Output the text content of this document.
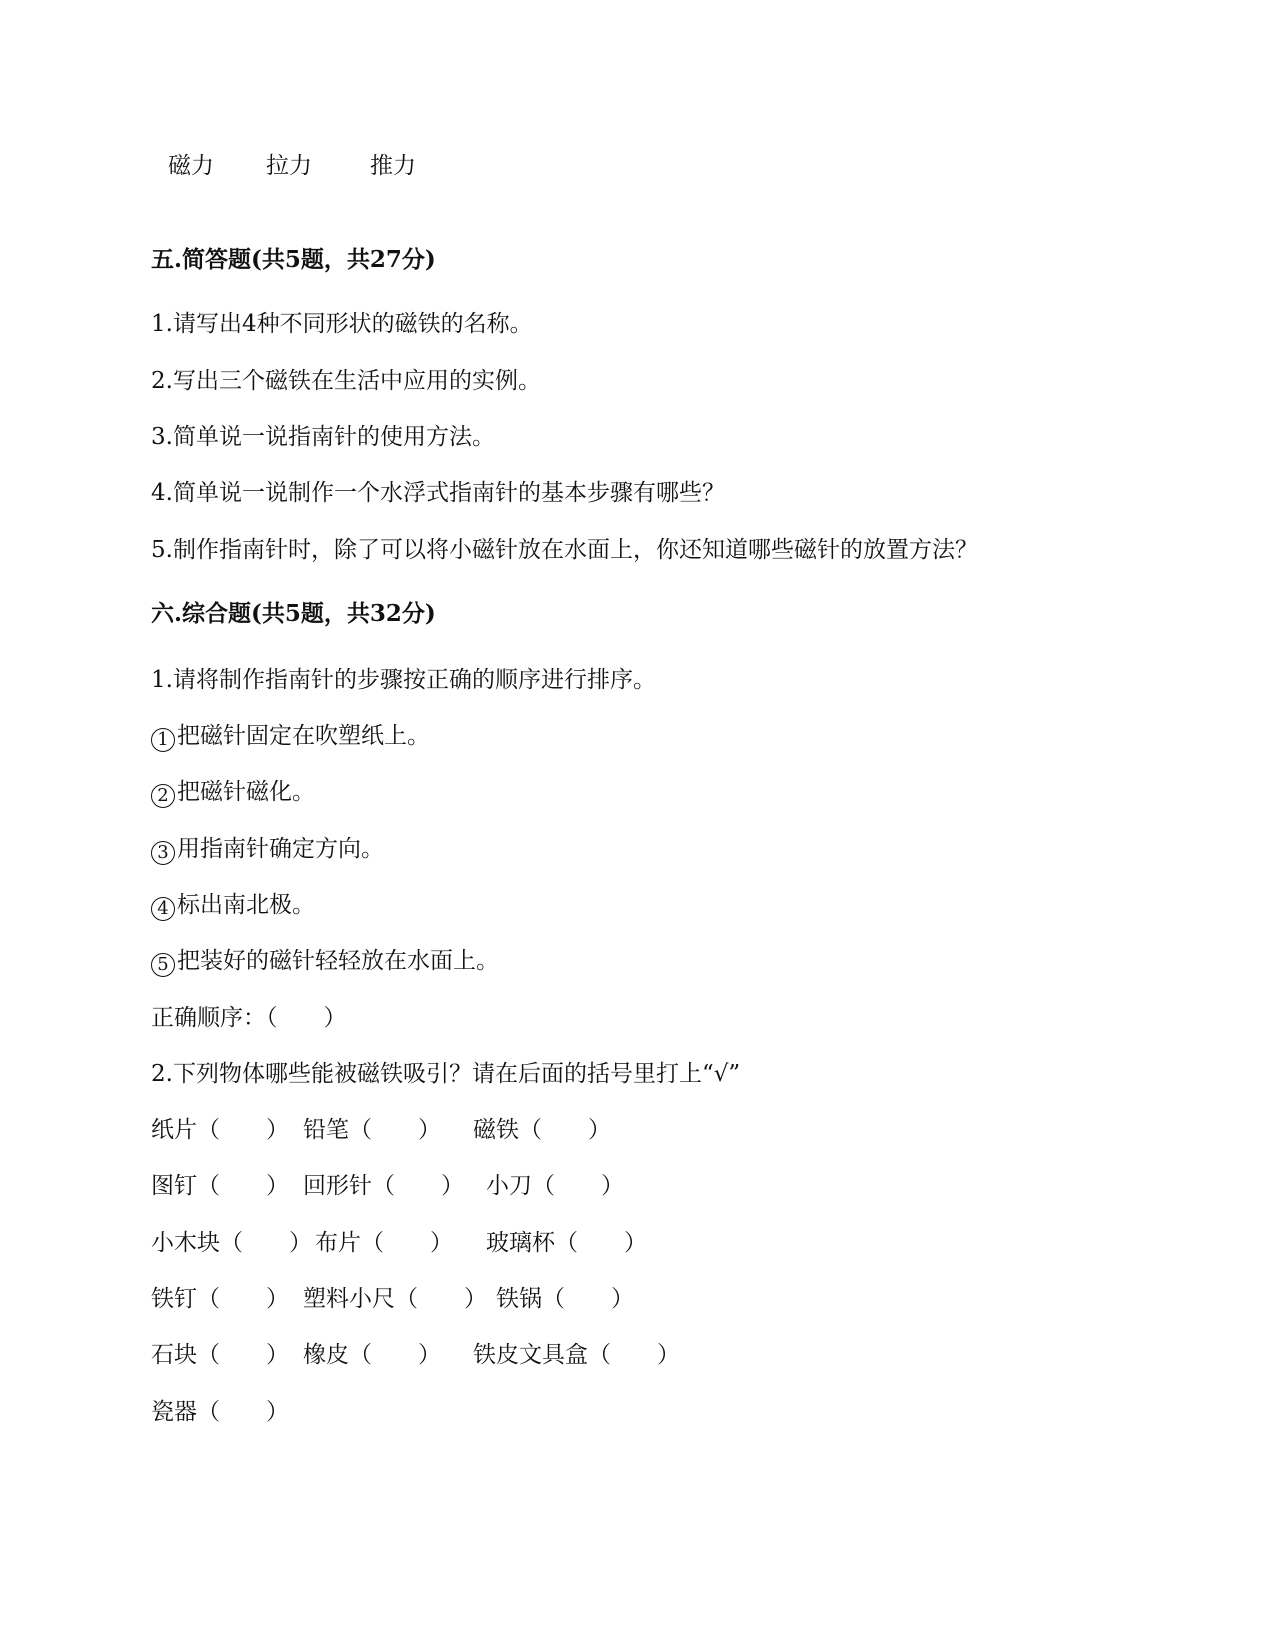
磁力 拉力	推力
五.简答题(共5题，共27分)
1.请写出4种不同形状的磁铁的名称。
2.写出三个磁铁在生活中应用的实例。
3.简单说一说指南针的使用方法。
4.简单说一说制作一个水浮式指南针的基本步骤有哪些？
5.制作指南针时，除了可以将小磁针放在水面上，你还知道哪些磁针的放置方法？
六.综合题(共5题，共32分)
1.请将制作指南针的步骤按正确的顺序进行排序。
1 把磁针固定在吹塑纸上。
2 把磁针磁化。
3 用指南针确定方向。
4 标出南北极。
5 把装好的磁针轻轻放在水面上。
正确顺序：（　　）
2.下列物体哪些能被磁铁吸引？请在后面的括号里打上“√”
纸片（　　） 铅笔（　　） 磁铁（　　）
图钉（　　） 回形针（　　） 小刀（　　）
小木块（　　） 布片（　　） 玻璃杯（　　）
铁钉（　　） 塑料小尺（　　） 铁锅（　　）
石块（　　） 橡皮（　　） 铁皮文具盒（　　）
瓷器（　　）
